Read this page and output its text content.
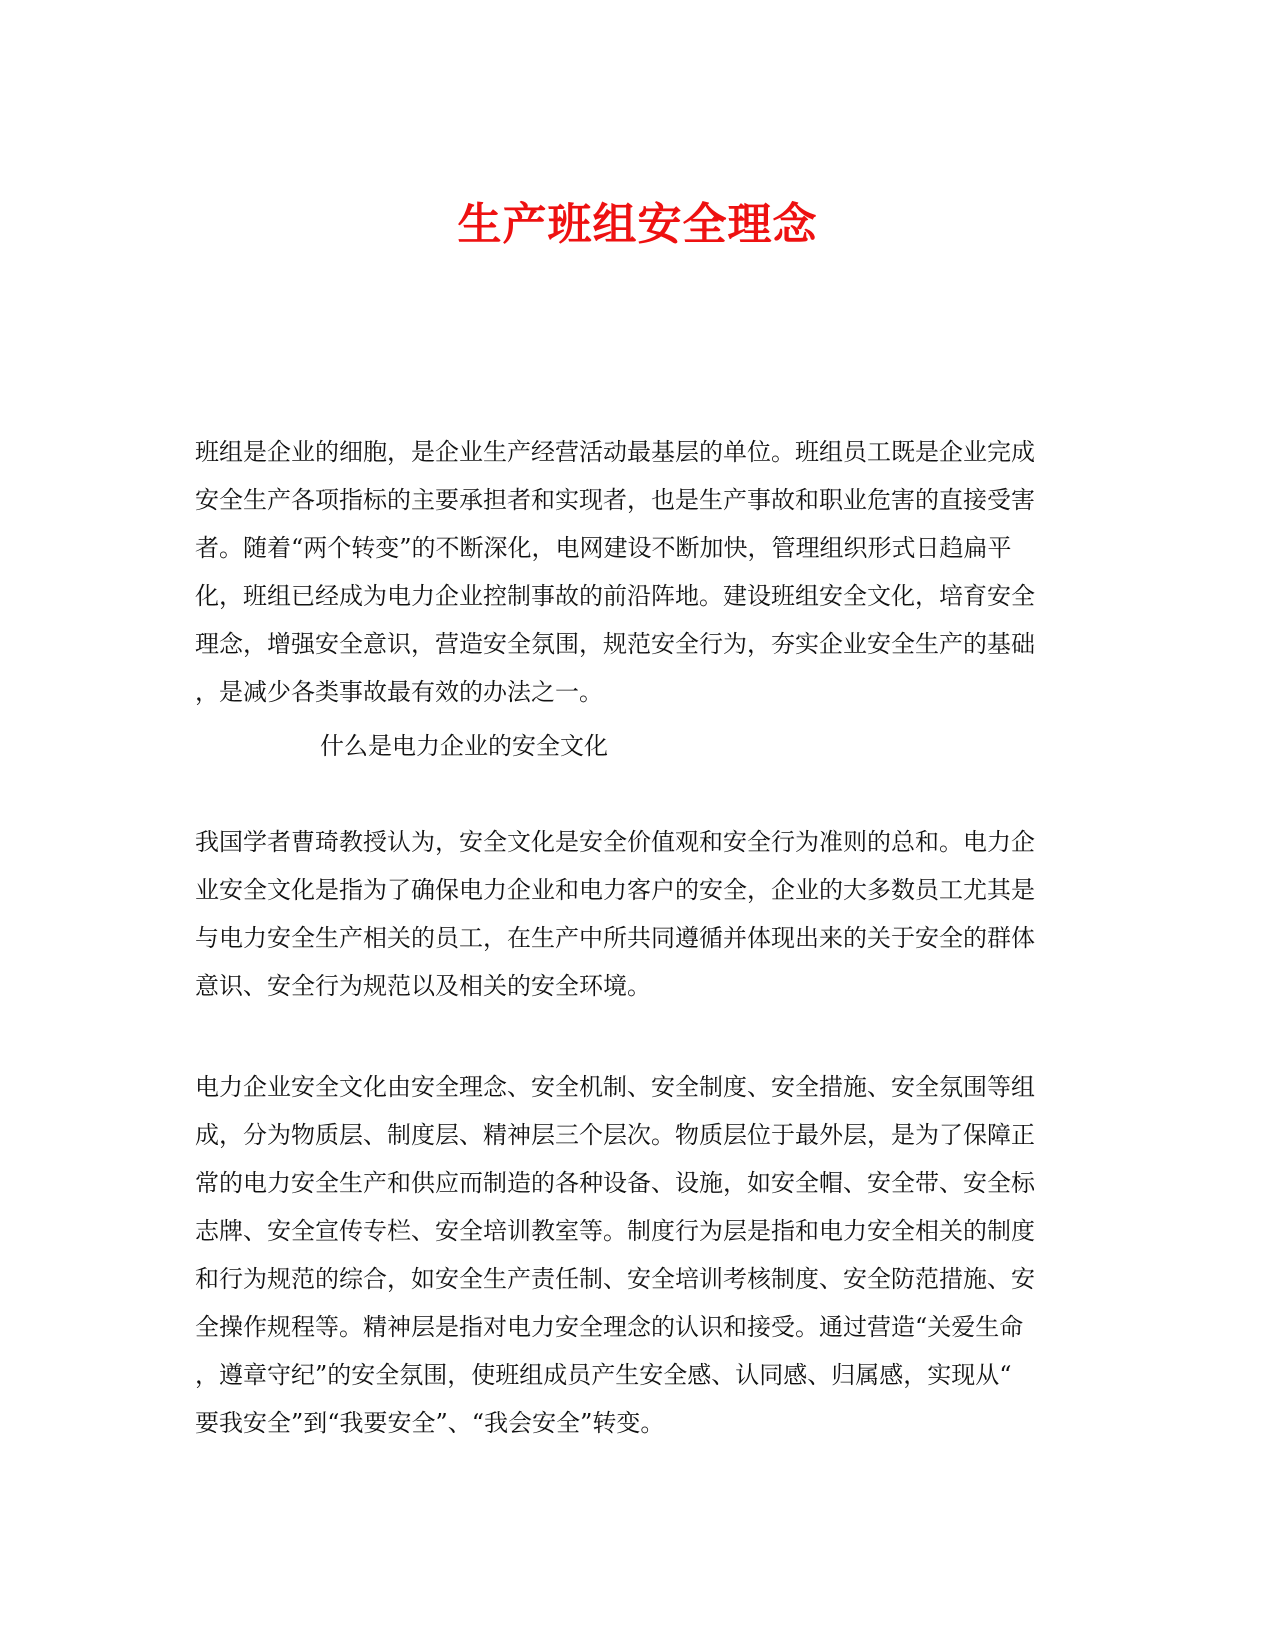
生产班组安全理念
班组是企业的细胞，是企业生产经营活动最基层的单位。班组员工既是企业完成
安全生产各项指标的主要承担者和实现者，也是生产事故和职业危害的直接受害
者。随着“两个转变”的不断深化，电网建设不断加快，管理组织形式日趋扁平
化，班组已经成为电力企业控制事故的前沿阵地。建设班组安全文化，培育安全
理念，增强安全意识，营造安全氛围，规范安全行为，夯实企业安全生产的基础
，是减少各类事故最有效的办法之一。
什么是电力企业的安全文化
我国学者曹琦教授认为，安全文化是安全价值观和安全行为准则的总和。电力企
业安全文化是指为了确保电力企业和电力客户的安全，企业的大多数员工尤其是
与电力安全生产相关的员工，在生产中所共同遵循并体现出来的关于安全的群体
意识、安全行为规范以及相关的安全环境。
电力企业安全文化由安全理念、安全机制、安全制度、安全措施、安全氛围等组
成，分为物质层、制度层、精神层三个层次。物质层位于最外层，是为了保障正
常的电力安全生产和供应而制造的各种设备、设施，如安全帽、安全带、安全标
志牌、安全宣传专栏、安全培训教室等。制度行为层是指和电力安全相关的制度
和行为规范的综合，如安全生产责任制、安全培训考核制度、安全防范措施、安
全操作规程等。精神层是指对电力安全理念的认识和接受。通过营造“关爱生命
，遵章守纪”的安全氛围，使班组成员产生安全感、认同感、归属感，实现从“
要我安全”到“我要安全”、“我会安全”转变。
